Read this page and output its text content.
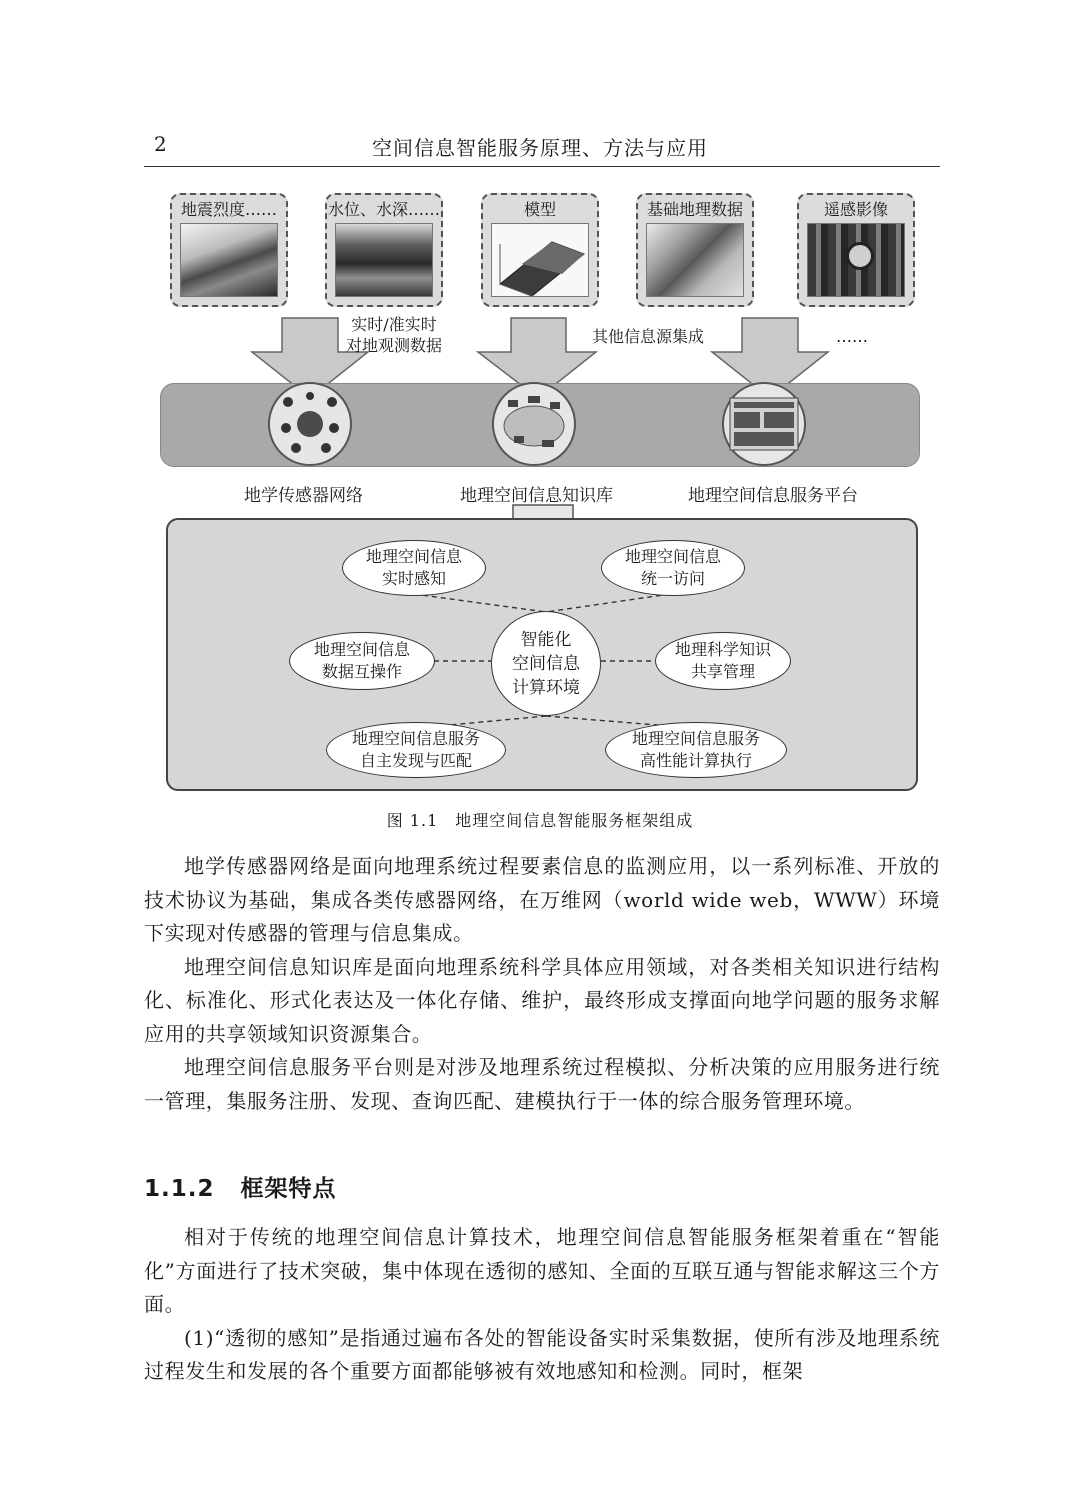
2	空间信息智能服务原理、方法与应用
地震烈度……	水位、水深……	模型	基础地理数据	遥感影像
实时/准实时
对地观测数据	其他信息源集成	……
地学传感器网络	地理空间信息知识库	地理空间信息服务平台
地理空间信息
实时感知
地理空间信息
统一访问
地理空间信息
数据互操作
地理科学知识
共享管理
地理空间信息服务
自主发现与匹配
地理空间信息服务
高性能计算执行
智能化
空间信息
计算环境
图 1.1　地理空间信息智能服务框架组成

地学传感器网络是面向地理系统过程要素信息的监测应用，以一系列标准、开放的技术协议为基础，集成各类传感器网络，在万维网（world wide web，WWW）环境下实现对传感器的管理与信息集成。

地理空间信息知识库是面向地理系统科学具体应用领域，对各类相关知识进行结构化、标准化、形式化表达及一体化存储、维护，最终形成支撑面向地学问题的服务求解应用的共享领域知识资源集合。

地理空间信息服务平台则是对涉及地理系统过程模拟、分析决策的应用服务进行统一管理，集服务注册、发现、查询匹配、建模执行于一体的综合服务管理环境。

1.1.2 框架特点

相对于传统的地理空间信息计算技术，地理空间信息智能服务框架着重在“智能化”方面进行了技术突破，集中体现在透彻的感知、全面的互联互通与智能求解这三个方面。

(1)“透彻的感知”是指通过遍布各处的智能设备实时采集数据，使所有涉及地理系统过程发生和发展的各个重要方面都能够被有效地感知和检测。同时，框架
